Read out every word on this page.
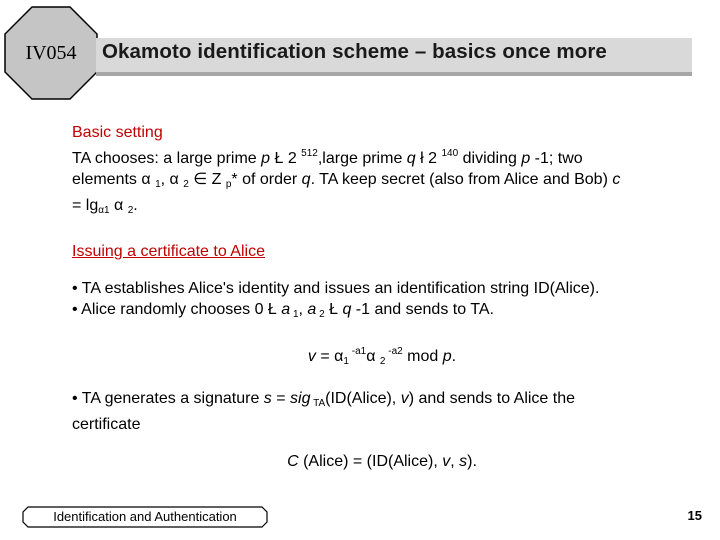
IV054	Okamoto identification scheme – basics once more
Basic setting
TA chooses: a large prime p Ł 2 $^{512}$,large prime q ł 2 $^{140}$ dividing p -1; two
elements α $_1$, α $_2$ ∈ Z $_p$* of order q. TA keep secret (also from Alice and Bob) c
= $\lg_{\alpha 1} \alpha$ $_2$.
Issuing a certificate to Alice
• TA establishes Alice's identity and issues an identification string ID(Alice).
• Alice randomly chooses 0 Ł a $_1$, a $_2$ Ł q -1 and sends to TA.
$v = \alpha_1$ $^{-a1}$α $_2$ $^{-a2}$ mod p.
• TA generates a signature s = sig $_{TA}$(ID(Alice), v) and sends to Alice the
certificate
C (Alice) = (ID(Alice), v, s).
Identification and Authentication	15
